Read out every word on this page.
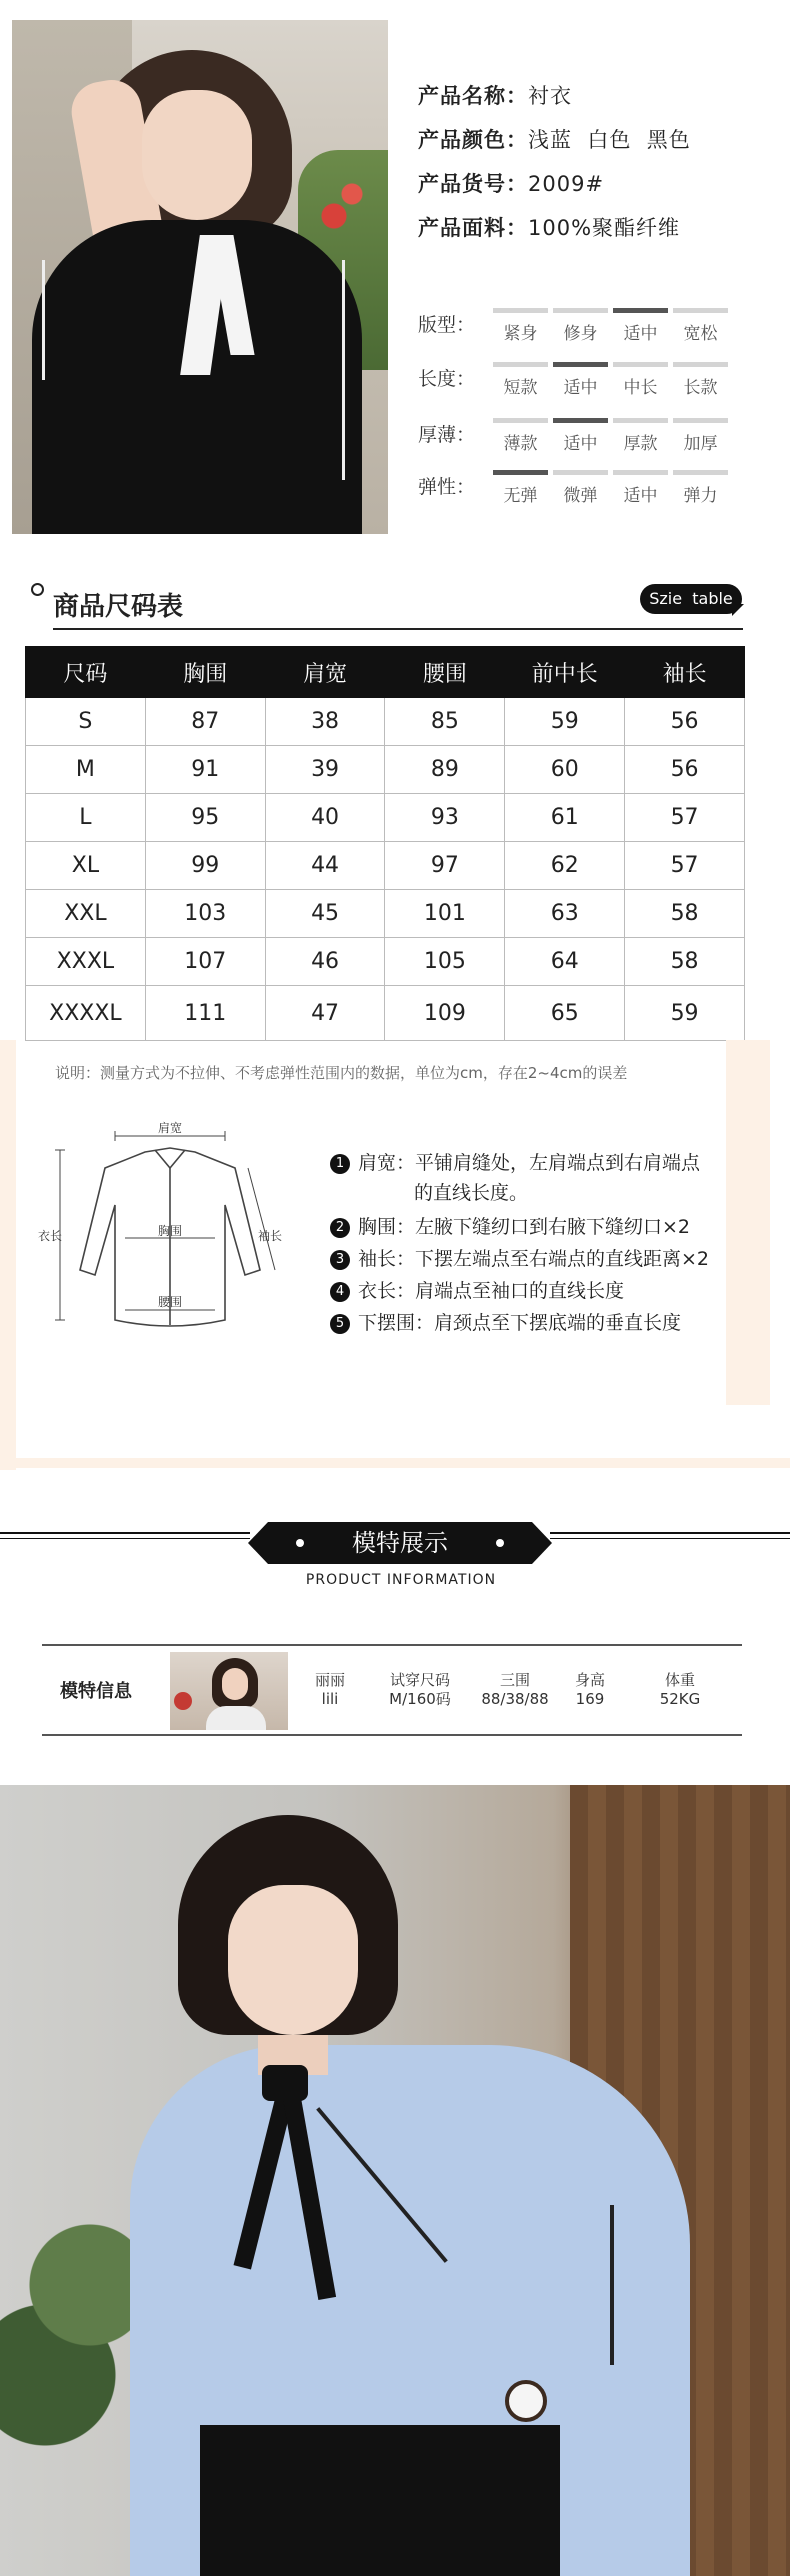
产品名称：衬衣
产品颜色：浅蓝  白色  黑色
产品货号：2009#
产品面料：100%聚酯纤维
版型：	紧身	修身	适中	宽松
长度：	短款	适中	中长	长款
厚薄：	薄款	适中	厚款	加厚
弹性：	无弹	微弹	适中	弹力
商品尺码表	Szie  table
尺码	胸围	肩宽	腰围	前中长	袖长
S	87	38	85	59	56
M	91	39	89	60	56
L	95	40	93	61	57
XL	99	44	97	62	57
XXL	103	45	101	63	58
XXXL	107	46	105	64	58
XXXXL	111	47	109	65	59
说明：测量方式为不拉伸、不考虑弹性范围内的数据，单位为cm，存在2~4cm的误差
肩宽
衣长	胸围	袖长
腰围
1 肩宽：平铺肩缝处，左肩端点到右肩端点
的直线长度。
2 胸围：左腋下缝纫口到右腋下缝纫口×2
3 袖长：下摆左端点至右端点的直线距离×2
4 衣长：肩端点至袖口的直线长度
5 下摆围：肩颈点至下摆底端的垂直长度
模特展示
PRODUCT INFORMATION
模特信息
丽丽
lili
试穿尺码
M/160码
三围
88/38/88
身高
169
体重
52KG
